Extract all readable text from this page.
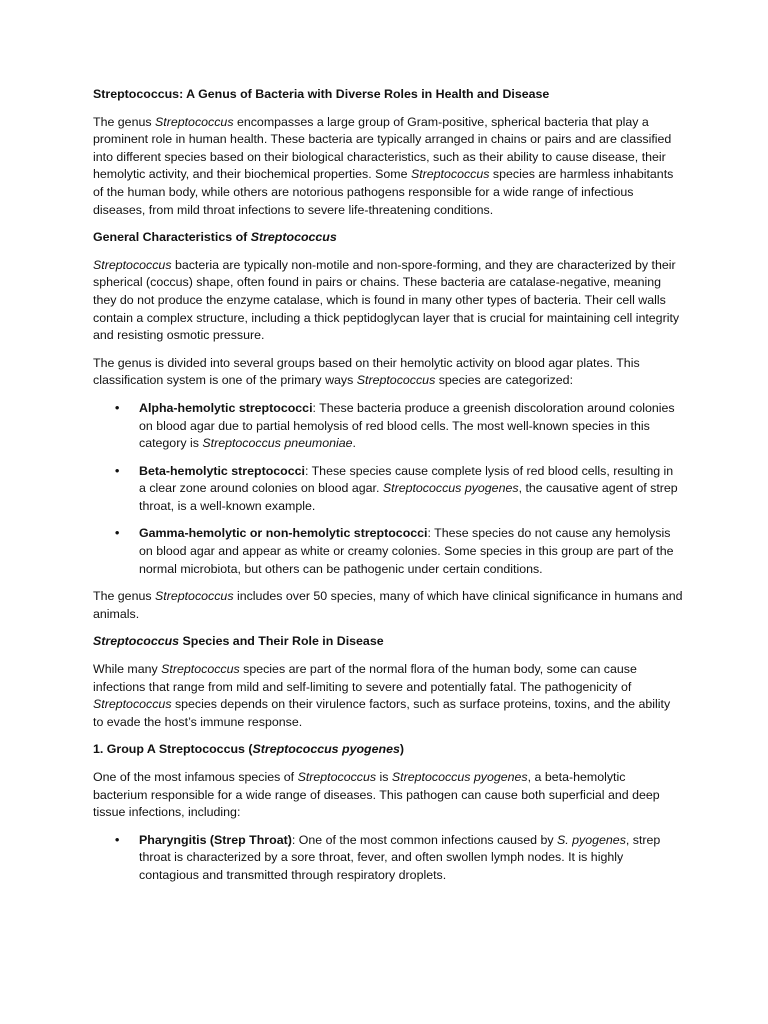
Streptococcus: A Genus of Bacteria with Diverse Roles in Health and Disease

The genus Streptococcus encompasses a large group of Gram-positive, spherical bacteria that play a prominent role in human health. These bacteria are typically arranged in chains or pairs and are classified into different species based on their biological characteristics, such as their ability to cause disease, their hemolytic activity, and their biochemical properties. Some Streptococcus species are harmless inhabitants of the human body, while others are notorious pathogens responsible for a wide range of infectious diseases, from mild throat infections to severe life-threatening conditions.

General Characteristics of Streptococcus

Streptococcus bacteria are typically non-motile and non-spore-forming, and they are characterized by their spherical (coccus) shape, often found in pairs or chains. These bacteria are catalase-negative, meaning they do not produce the enzyme catalase, which is found in many other types of bacteria. Their cell walls contain a complex structure, including a thick peptidoglycan layer that is crucial for maintaining cell integrity and resisting osmotic pressure.

The genus is divided into several groups based on their hemolytic activity on blood agar plates. This classification system is one of the primary ways Streptococcus species are categorized:

• Alpha-hemolytic streptococci: These bacteria produce a greenish discoloration around colonies on blood agar due to partial hemolysis of red blood cells. The most well-known species in this category is Streptococcus pneumoniae.
• Beta-hemolytic streptococci: These species cause complete lysis of red blood cells, resulting in a clear zone around colonies on blood agar. Streptococcus pyogenes, the causative agent of strep throat, is a well-known example.
• Gamma-hemolytic or non-hemolytic streptococci: These species do not cause any hemolysis on blood agar and appear as white or creamy colonies. Some species in this group are part of the normal microbiota, but others can be pathogenic under certain conditions.

The genus Streptococcus includes over 50 species, many of which have clinical significance in humans and animals.

Streptococcus Species and Their Role in Disease

While many Streptococcus species are part of the normal flora of the human body, some can cause infections that range from mild and self-limiting to severe and potentially fatal. The pathogenicity of Streptococcus species depends on their virulence factors, such as surface proteins, toxins, and the ability to evade the host’s immune response.

1. Group A Streptococcus (Streptococcus pyogenes)

One of the most infamous species of Streptococcus is Streptococcus pyogenes, a beta-hemolytic bacterium responsible for a wide range of diseases. This pathogen can cause both superficial and deep tissue infections, including:

• Pharyngitis (Strep Throat): One of the most common infections caused by S. pyogenes, strep throat is characterized by a sore throat, fever, and often swollen lymph nodes. It is highly contagious and transmitted through respiratory droplets.
